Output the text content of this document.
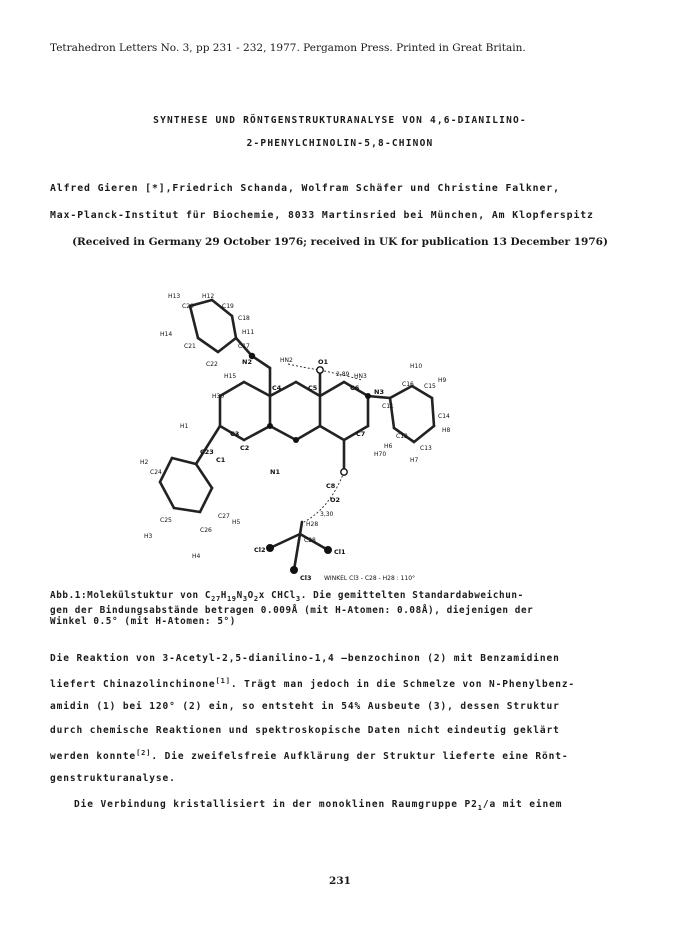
Tetrahedron Letters No. 3, pp 231 - 232, 1977. Pergamon Press. Printed in Great Britain.
SYNTHESE UND RÖNTGENSTRUKTURANALYSE VON 4,6-DIANILINO-
2-PHENYLCHINOLIN-5,8-CHINON
Alfred Gieren [*],Friedrich Schanda, Wolfram Schäfer und Christine Falkner,
Max-Planck-Institut für Biochemie, 8033 Martinsried bei München, Am Klopferspitz
(Received in Germany 29 October 1976; received in UK for publication 13 December 1976)
H13	H12
C20	C19
C18
H11
H14
C21	C17
C22
H15
N2	HN2	O1
HN3
N3
H10
C16 C15
H9
C11
C14
H8
C12
C13
H6
H7
C4	C5	C6
H30
C3	C7
H70
H1
C23
C1
C2
N1
C8
O2
H2
C24
C27
H5
C25
C26
H3
H4
H28
C28
Cl2	Cl1
Cl3
2,89
3,30
WINKEL Cl3 - C28 - H28 : 110°
Abb.1:Molekülstuktur von $C_{27}H_{19}N_3O_2x$ CHCl$_3$. Die gemittelten Standardabweichun-
gen der Bindungsabstände betragen 0.009Å (mit H-Atomen: 0.08Å), diejenigen der
Winkel 0.5° (mit H-Atomen: 5°)
Die Reaktion von 3-Acetyl-2,5-dianilino-1,4 —benzochinon (2) mit Benzamidinen
liefert Chinazolinchinone[1]. Trägt man jedoch in die Schmelze von N-Phenylbenz-
amidin (1) bei 120° (2) ein, so entsteht in 54% Ausbeute (3), dessen Struktur
durch chemische Reaktionen und spektroskopische Daten nicht eindeutig geklärt
werden konnte[2]. Die zweifelsfreie Aufklärung der Struktur lieferte eine Rönt-
genstrukturanalyse.
Die Verbindung kristallisiert in der monoklinen Raumgruppe $P2_1/a$ mit einem
231
